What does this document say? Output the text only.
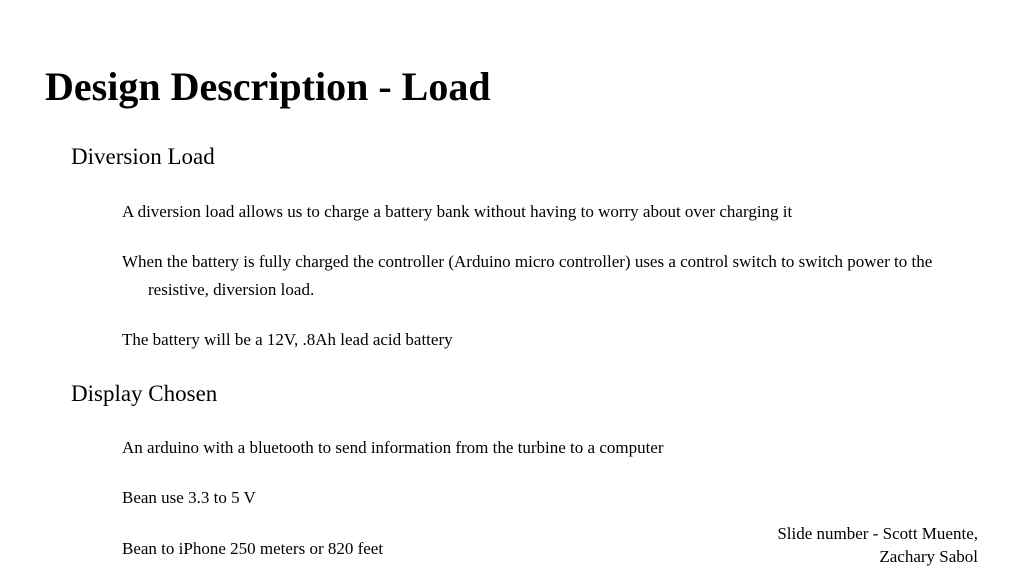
Design Description - Load
Diversion Load
A diversion load allows us to charge a battery bank without having to worry about over charging it
When the battery is fully charged the controller (Arduino micro controller) uses a control switch to switch power to the resistive, diversion load.
The battery will be a 12V, .8Ah lead acid battery
Display Chosen
An arduino with a bluetooth to send information from the turbine to a computer
Bean use 3.3 to 5 V
Bean to iPhone 250 meters or 820 feet
Slide number - Scott Muente,
Zachary Sabol
